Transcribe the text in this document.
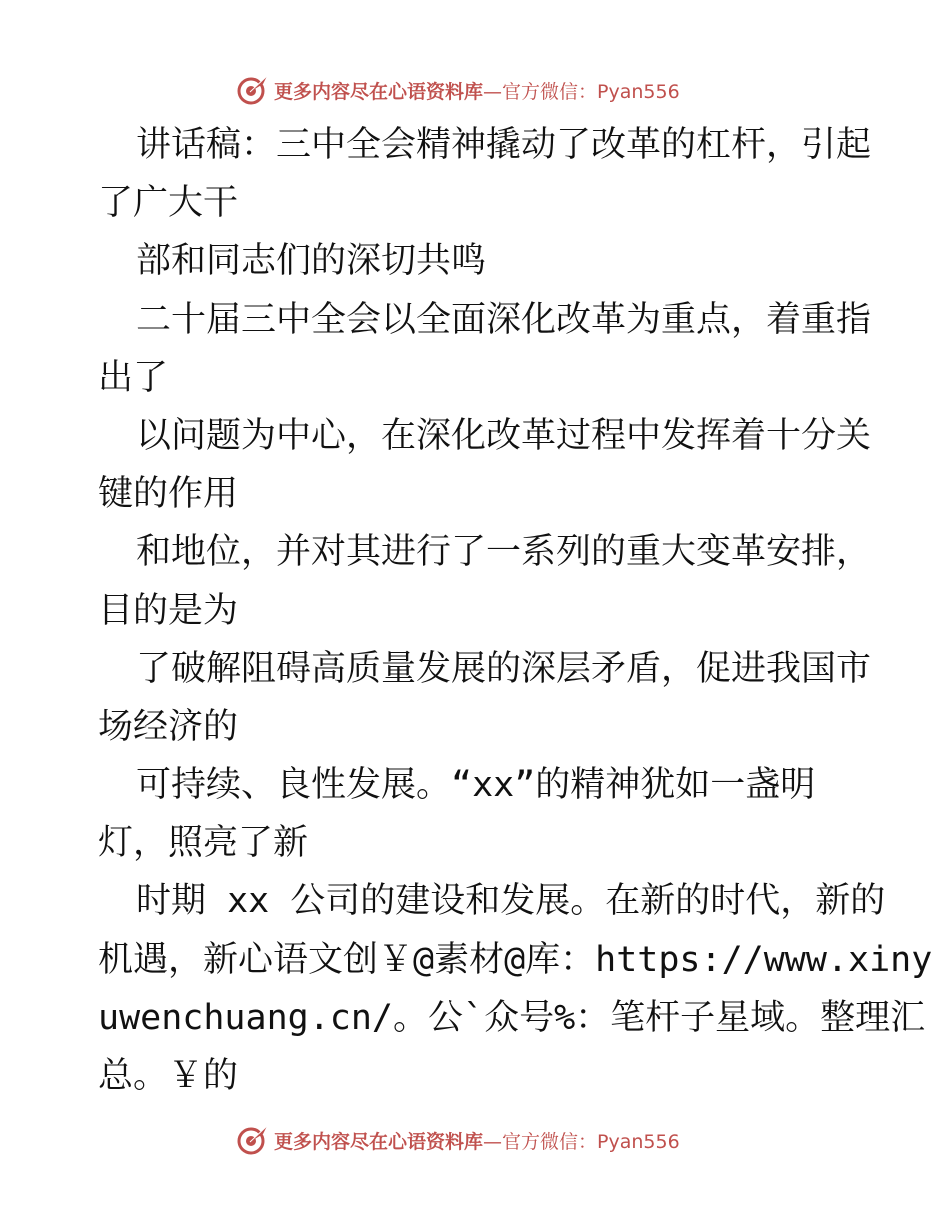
更多内容尽在心语资料库 —官方微信：Pyan556
讲话稿：三中全会精神撬动了改革的杠杆，引起
了广大干
部和同志们的深切共鸣
二十届三中全会以全面深化改革为重点，着重指
出了
以问题为中心，在深化改革过程中发挥着十分关
键的作用
和地位，并对其进行了一系列的重大变革安排，
目的是为
了破解阻碍高质量发展的深层矛盾，促进我国市
场经济的
可持续、良性发展。“xx”的精神犹如一盏明
灯，照亮了新
时期 xx 公司的建设和发展。在新的时代，新的
机遇，新心语文创￥@素材@库：https://www.xiny
uwenchuang.cn/。公`众号%：笔杆子星域。整理汇
总。￥的
更多内容尽在心语资料库 —官方微信：Pyan556
